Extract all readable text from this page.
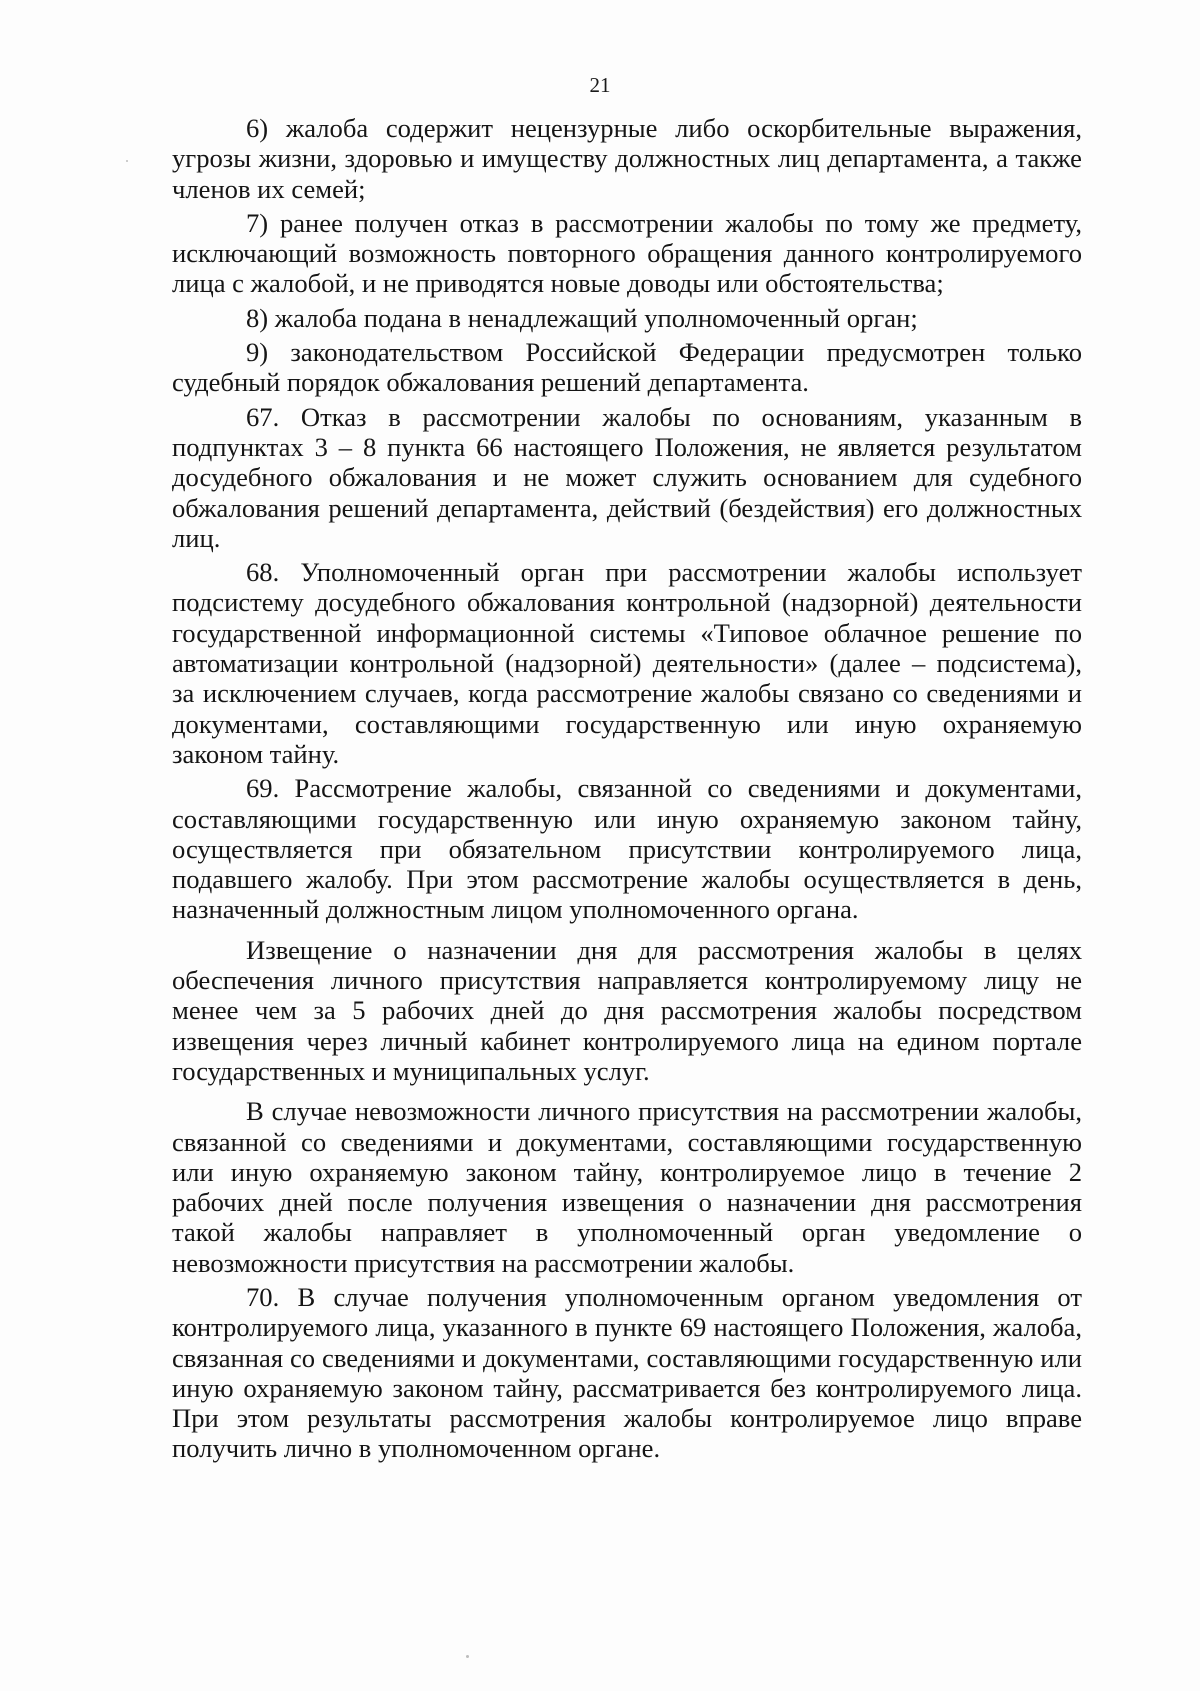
21

6) жалоба содержит нецензурные либо оскорбительные выражения, угрозы жизни, здоровью и имуществу должностных лиц департамента, а также членов их семей;

7) ранее получен отказ в рассмотрении жалобы по тому же предмету, исключающий возможность повторного обращения данного контролируемого лица с жалобой, и не приводятся новые доводы или обстоятельства;

8) жалоба подана в ненадлежащий уполномоченный орган;

9) законодательством Российской Федерации предусмотрен только судебный порядок обжалования решений департамента.

67. Отказ в рассмотрении жалобы по основаниям, указанным в подпунктах 3 – 8 пункта 66 настоящего Положения, не является результатом досудебного обжалования и не может служить основанием для судебного обжалования решений департамента, действий (бездействия) его должностных лиц.

68. Уполномоченный орган при рассмотрении жалобы использует подсистему досудебного обжалования контрольной (надзорной) деятельности государственной информационной системы «Типовое облачное решение по автоматизации контрольной (надзорной) деятельности» (далее – подсистема), за исключением случаев, когда рассмотрение жалобы связано со сведениями и документами, составляющими государственную или иную охраняемую законом тайну.

69. Рассмотрение жалобы, связанной со сведениями и документами, составляющими государственную или иную охраняемую законом тайну, осуществляется при обязательном присутствии контролируемого лица, подавшего жалобу. При этом рассмотрение жалобы осуществляется в день, назначенный должностным лицом уполномоченного органа.

Извещение о назначении дня для рассмотрения жалобы в целях обеспечения личного присутствия направляется контролируемому лицу не менее чем за 5 рабочих дней до дня рассмотрения жалобы посредством извещения через личный кабинет контролируемого лица на едином портале государственных и муниципальных услуг.

В случае невозможности личного присутствия на рассмотрении жалобы, связанной со сведениями и документами, составляющими государственную или иную охраняемую законом тайну, контролируемое лицо в течение 2 рабочих дней после получения извещения о назначении дня рассмотрения такой жалобы направляет в уполномоченный орган уведомление о невозможности присутствия на рассмотрении жалобы.

70. В случае получения уполномоченным органом уведомления от контролируемого лица, указанного в пункте 69 настоящего Положения, жалоба, связанная со сведениями и документами, составляющими государственную или иную охраняемую законом тайну, рассматривается без контролируемого лица. При этом результаты рассмотрения жалобы контролируемое лицо вправе получить лично в уполномоченном органе.
